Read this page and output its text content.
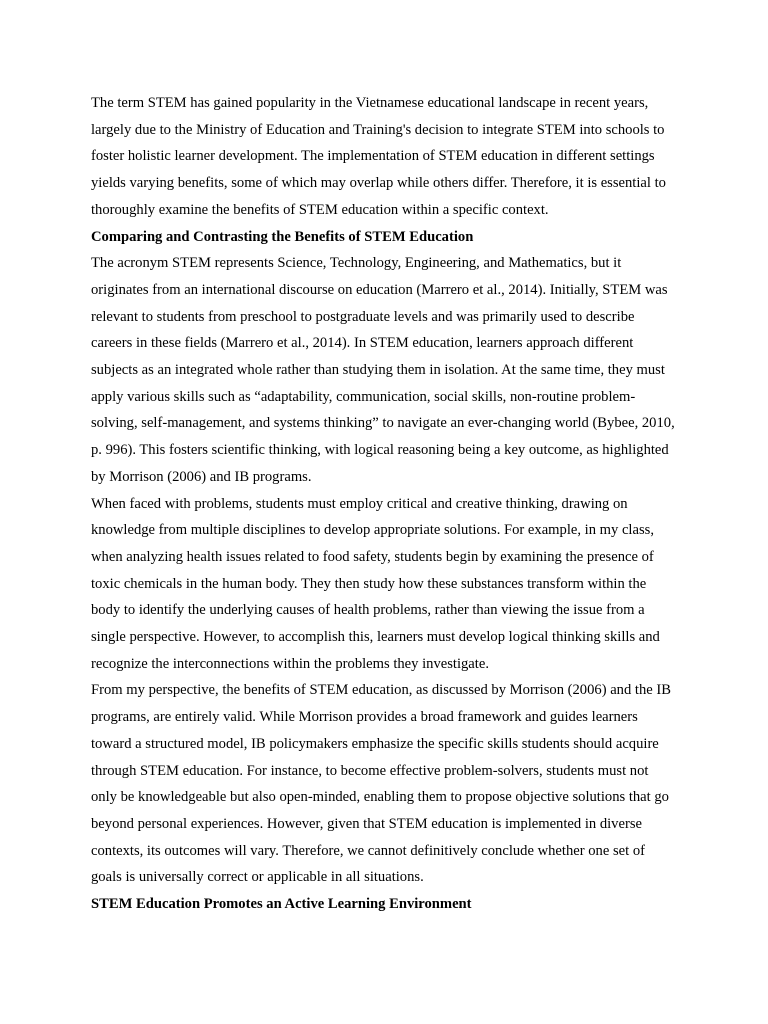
The term STEM has gained popularity in the Vietnamese educational landscape in recent years, largely due to the Ministry of Education and Training's decision to integrate STEM into schools to foster holistic learner development. The implementation of STEM education in different settings yields varying benefits, some of which may overlap while others differ. Therefore, it is essential to thoroughly examine the benefits of STEM education within a specific context.

Comparing and Contrasting the Benefits of STEM Education

The acronym STEM represents Science, Technology, Engineering, and Mathematics, but it originates from an international discourse on education (Marrero et al., 2014). Initially, STEM was relevant to students from preschool to postgraduate levels and was primarily used to describe careers in these fields (Marrero et al., 2014). In STEM education, learners approach different subjects as an integrated whole rather than studying them in isolation. At the same time, they must apply various skills such as “adaptability, communication, social skills, non-routine problem-solving, self-management, and systems thinking” to navigate an ever-changing world (Bybee, 2010, p. 996). This fosters scientific thinking, with logical reasoning being a key outcome, as highlighted by Morrison (2006) and IB programs.

When faced with problems, students must employ critical and creative thinking, drawing on knowledge from multiple disciplines to develop appropriate solutions. For example, in my class, when analyzing health issues related to food safety, students begin by examining the presence of toxic chemicals in the human body. They then study how these substances transform within the body to identify the underlying causes of health problems, rather than viewing the issue from a single perspective. However, to accomplish this, learners must develop logical thinking skills and recognize the interconnections within the problems they investigate.

From my perspective, the benefits of STEM education, as discussed by Morrison (2006) and the IB programs, are entirely valid. While Morrison provides a broad framework and guides learners toward a structured model, IB policymakers emphasize the specific skills students should acquire through STEM education. For instance, to become effective problem-solvers, students must not only be knowledgeable but also open-minded, enabling them to propose objective solutions that go beyond personal experiences. However, given that STEM education is implemented in diverse contexts, its outcomes will vary. Therefore, we cannot definitively conclude whether one set of goals is universally correct or applicable in all situations.

STEM Education Promotes an Active Learning Environment
